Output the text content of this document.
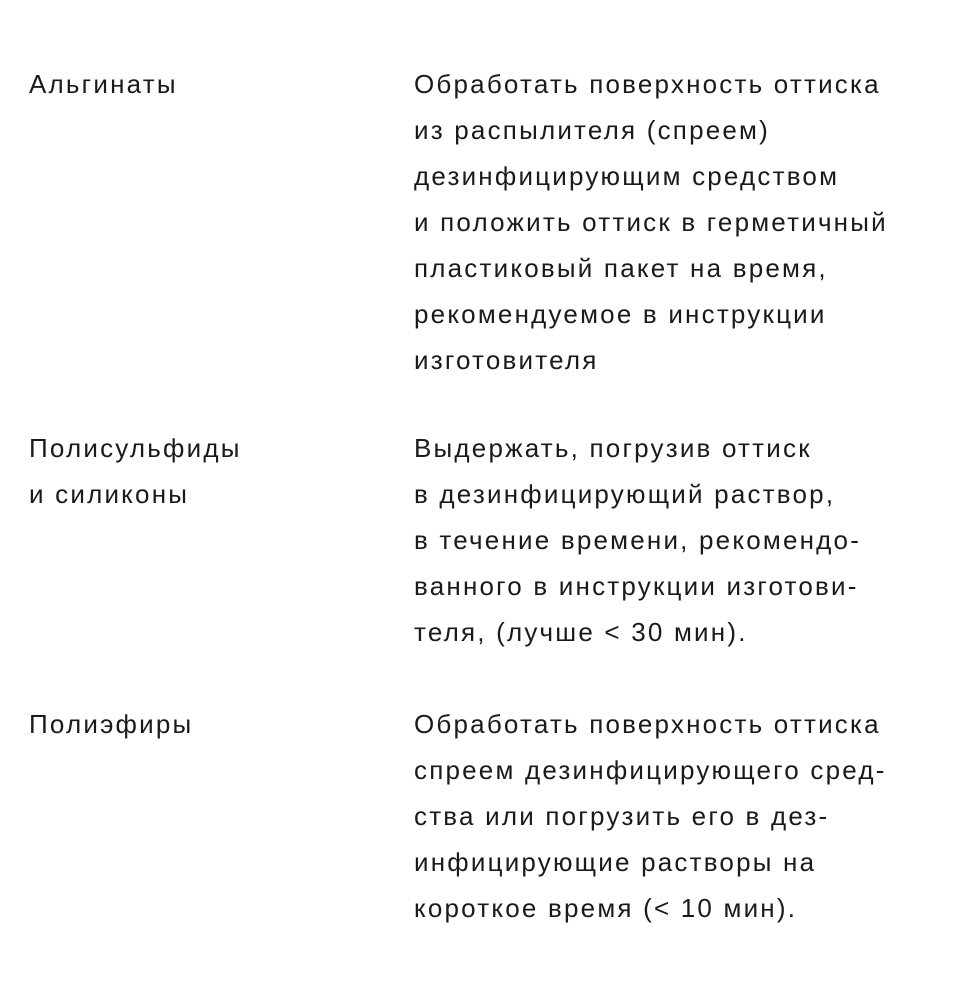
Альгинаты	Обработать поверхность оттиска
из распылителя (спреем)
дезинфицирующим средством
и положить оттиск в герметичный
пластиковый пакет на время,
рекомендуемое в инструкции
изготовителя
Полисульфиды
и силиконы
Выдержать, погрузив оттиск
в дезинфицирующий раствор,
в течение времени, рекомендо-
ванного в инструкции изготови-
теля, (лучше < 30 мин).
Полиэфиры	Обработать поверхность оттиска
спреем дезинфицирующего сред-
ства или погрузить его в дез-
инфицирующие растворы на
короткое время (< 10 мин).
